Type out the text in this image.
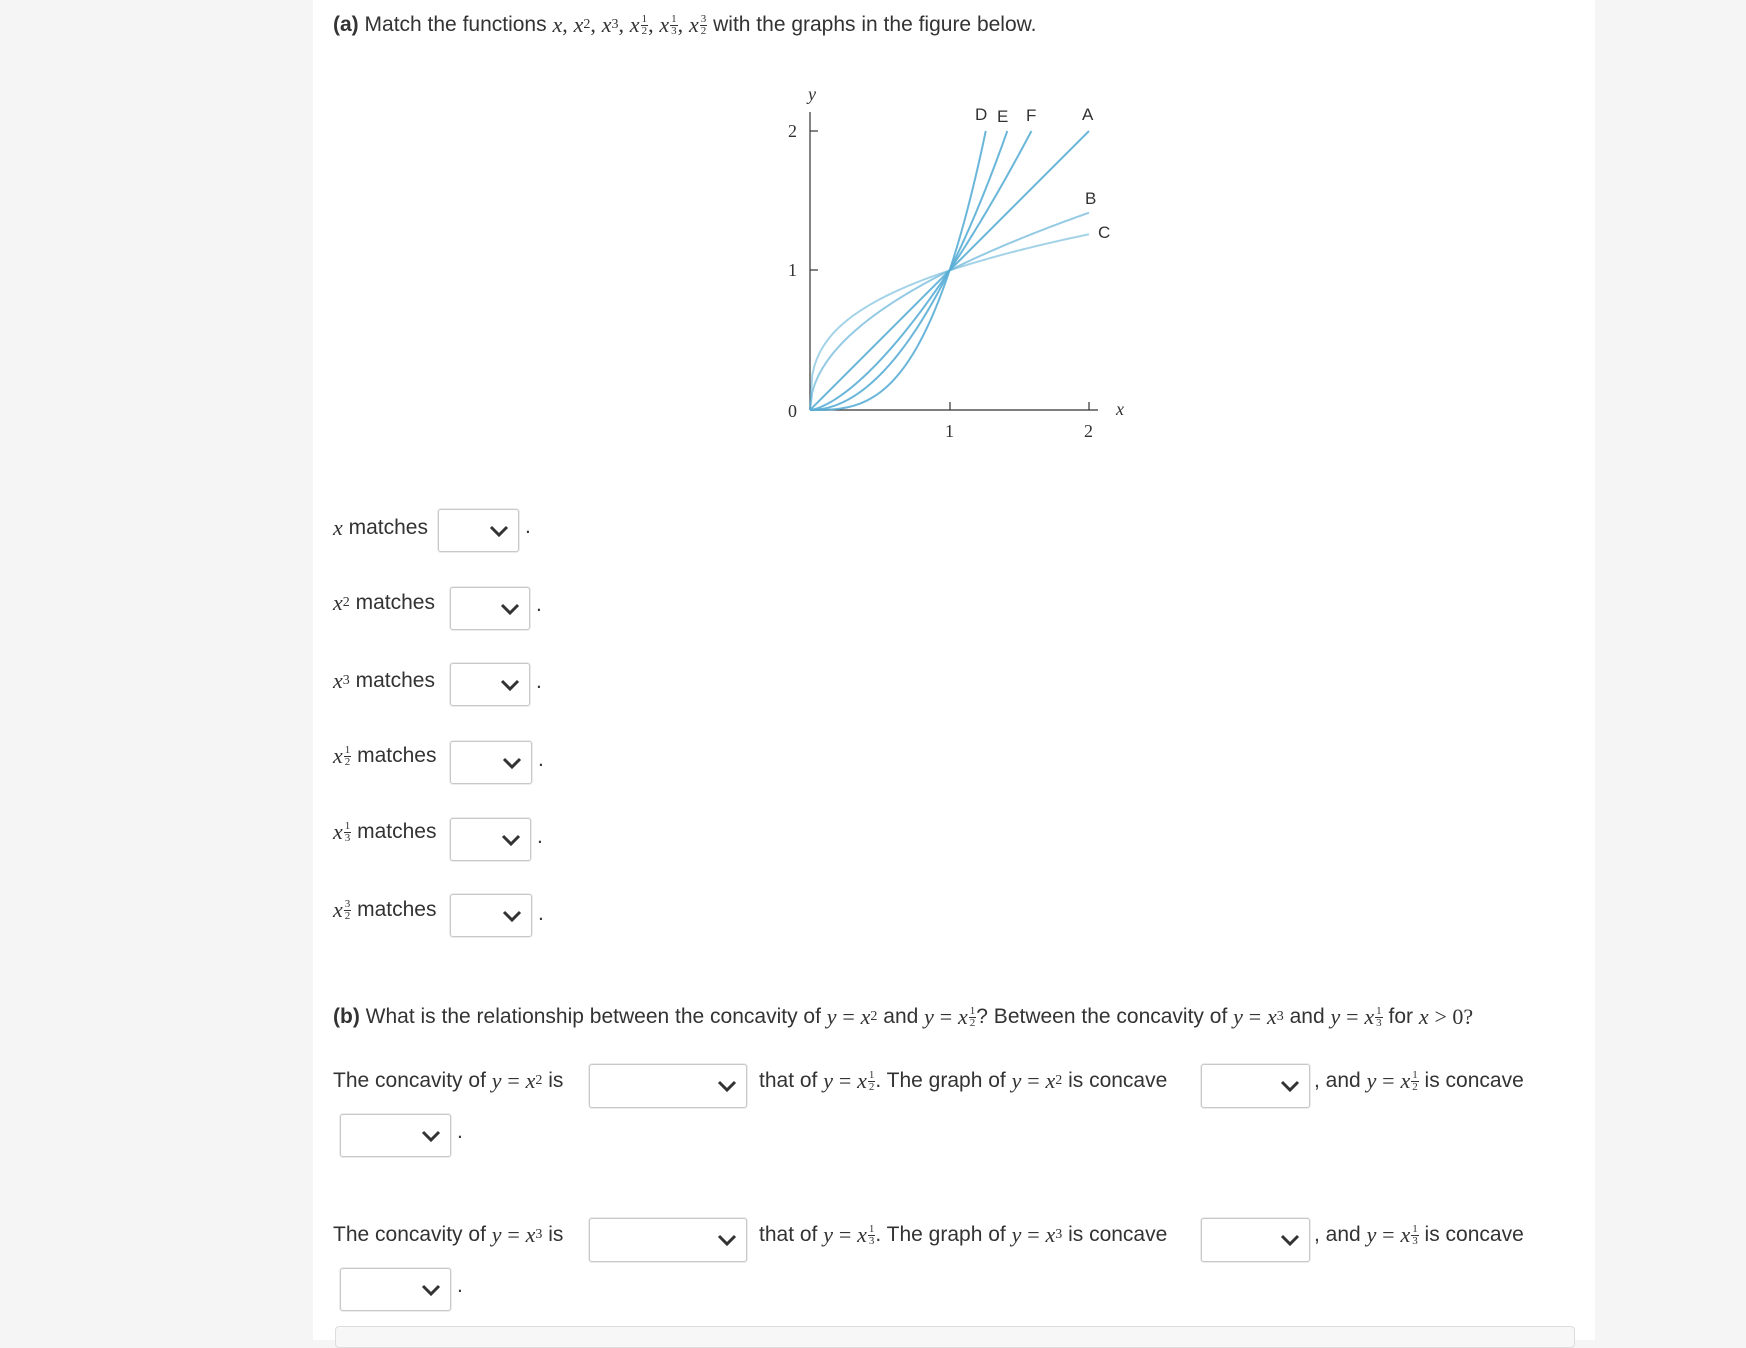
(a)
Match the functions
x ,
x 2 ,
x 3 ,
x 1
2 ,
x 1
3 ,
x 3
2
with the graphs in the figure below.
y
x
0
1
2
1	2
D E F	A
B
C
x
matches	.
x 2
matches	.
x 3
matches	.
x 1
2
matches	.
x 1
3
matches	.
x 3
2
matches	.
(b)
What is the relationship between the concavity of
y
=
x 2
and
y
=
x 1
2 ? Between the concavity of
y
=
x 3
and
y
=
x 1
3
for
x
> 0?
The concavity of
y
=
x 2
is	that of
y
=
x 1
2 . The graph of
y
=
x 2
is concave	, and
y
=
x 1
2
is concave
.
The concavity of
y
=
x 3
is	that of
y
=
x 1
3 . The graph of
y
=
x 3
is concave	, and
y
=
x 1
3
is concave
.
